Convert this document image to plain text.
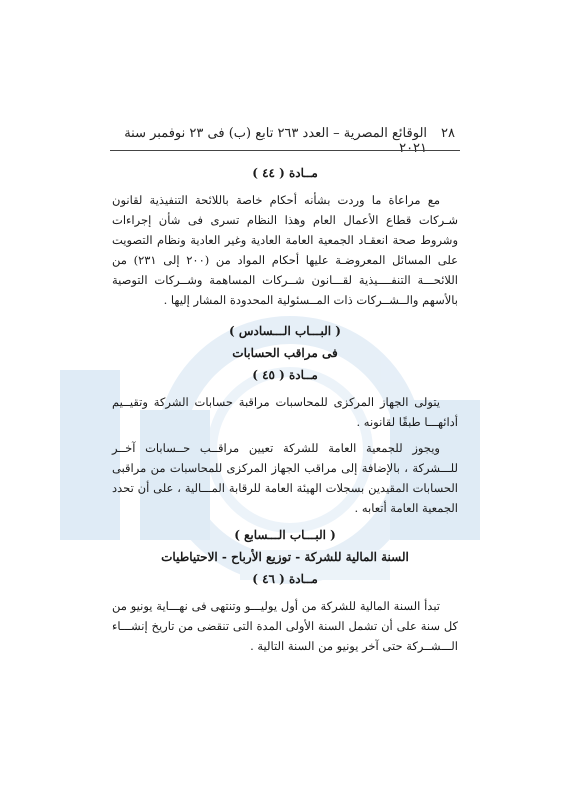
٢٨
الوقائع المصرية – العدد ٢٦٣ تابع (ب) فى ٢٣ نوفمبر سنة ٢٠٢١
مــادة ( ٤٤ )

مع مراعاة ما وردت بشأنه أحكام خاصة باللائحة التنفيذية لقانون شـركات قطاع الأعمال العام وهذا النظام تسرى فى شأن إجراءات وشروط صحة انعقـاد الجمعية العامة العادية وغير العادية ونظام التصويت على المسائل المعروضـة عليها أحكام المواد من (٢٠٠ إلى ٢٣١) من اللائحـــة التنفــــيذية لقـــانون شــركات المساهمة وشــركات التوصية بالأسهم والــشــركات ذات المــسئولية المحدودة المشار إليها .

( البـــاب الـــسادس )
فى مراقب الحسابات
مــادة ( ٤٥ )

يتولى الجهاز المركزى للمحاسبات مراقبة حسابات الشركة وتقيــيم أدائهـــا طبقًا لقانونه .

ويجوز للجمعية العامة للشركة تعيين مراقــب حــسابات آخــر للـــشركة ، بالإضافة إلى مراقب الجهاز المركزى للمحاسبات من مراقبى الحسابات المقيدين بسجلات الهيئة العامة للرقابة المـــالية ، على أن تحدد الجمعية العامة أتعابه .

( البـــاب الـــسابع )
السنة المالية للشركة - توزيع الأرباح - الاحتياطيات
مــادة ( ٤٦ )

تبدأ السنة المالية للشركة من أول يوليـــو وتنتهى فى نهـــاية يونيو من كل سنة على أن تشمل السنة الأولى المدة التى تنقضى من تاريخ إنشـــاء الـــشــركة حتى آخر يونيو من السنة التالية .
